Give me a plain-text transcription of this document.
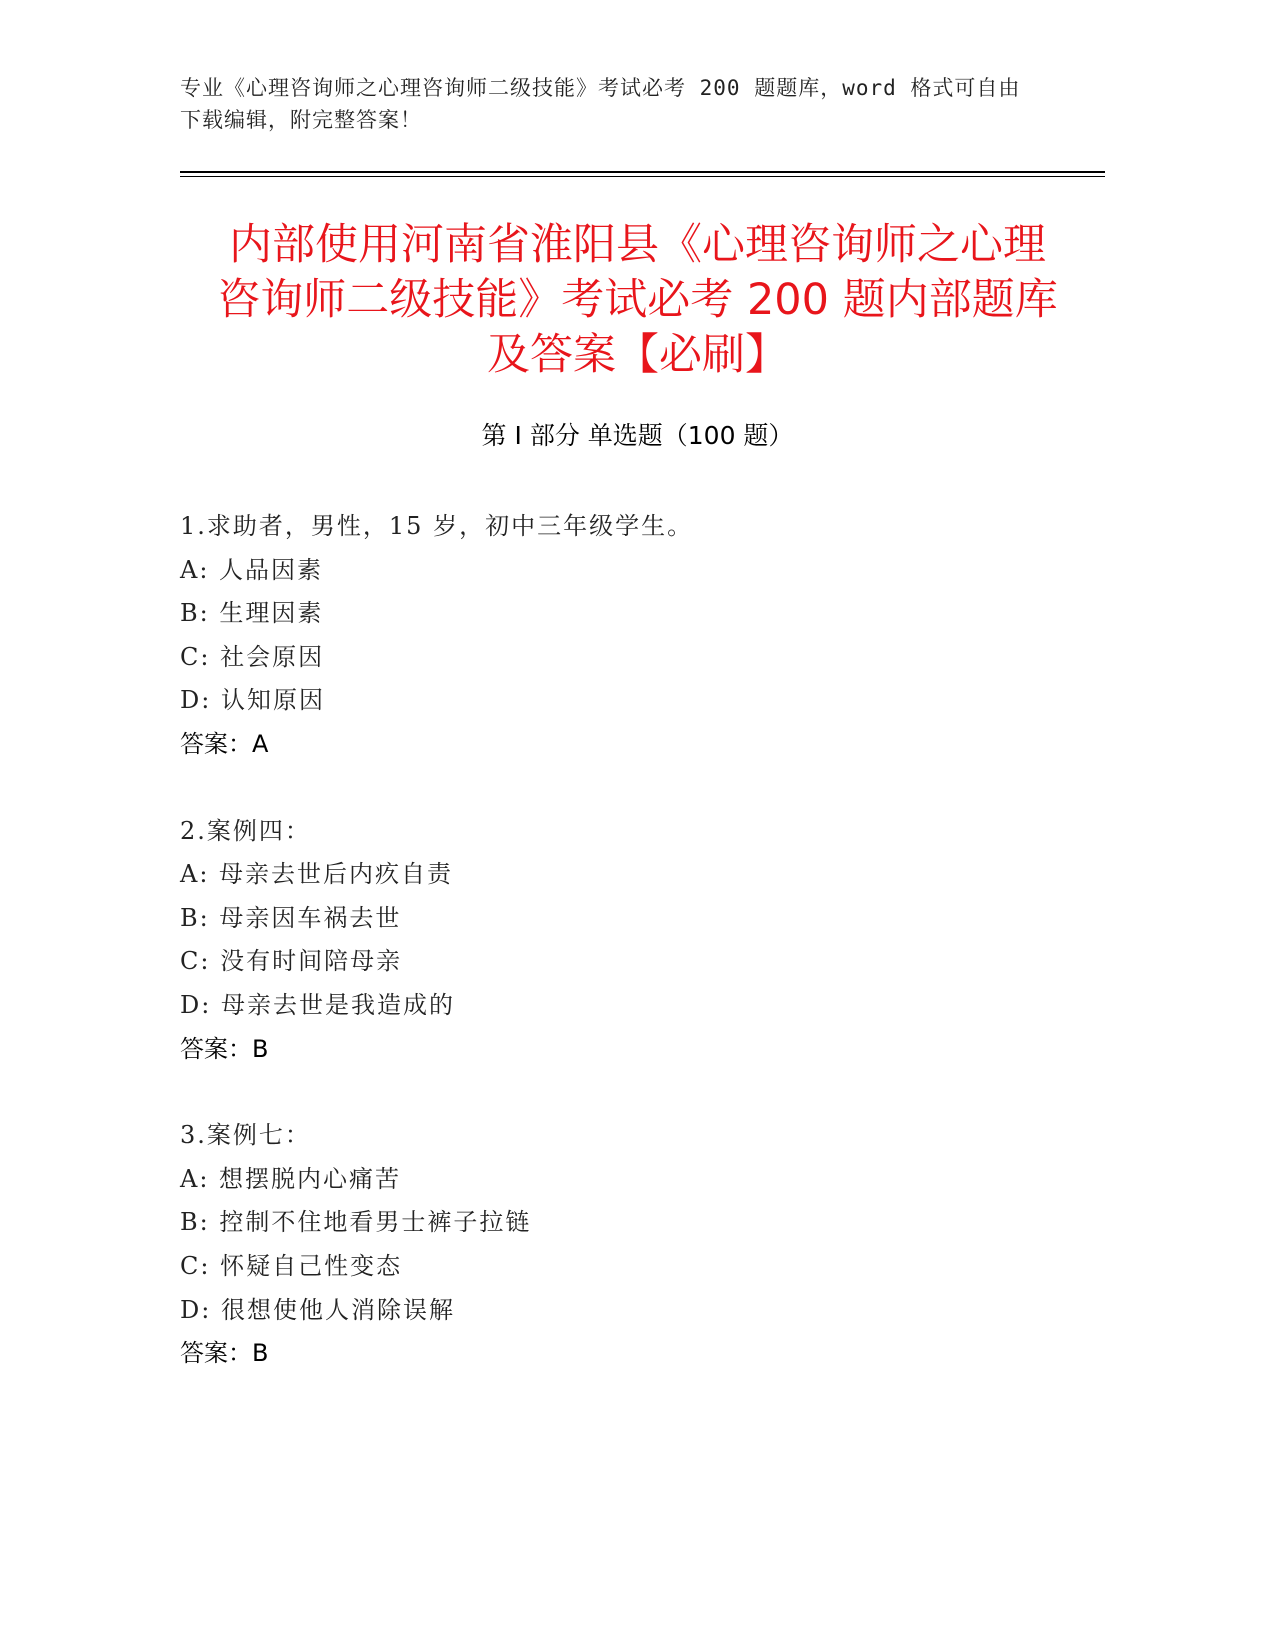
专业《心理咨询师之心理咨询师二级技能》考试必考 200 题题库，word 格式可自由下载编辑，附完整答案！
内部使用河南省淮阳县《心理咨询师之心理
咨询师二级技能》考试必考 200 题内部题库
及答案【必刷】
第 I 部分 单选题（100 题）
1.求助者，男性，15 岁，初中三年级学生。
A: 人品因素
B: 生理因素
C: 社会原因
D: 认知原因
答案：A
2.案例四：
A: 母亲去世后内疚自责
B: 母亲因车祸去世
C: 没有时间陪母亲
D: 母亲去世是我造成的
答案：B
3.案例七：
A: 想摆脱内心痛苦
B: 控制不住地看男士裤子拉链
C: 怀疑自己性变态
D: 很想使他人消除误解
答案：B
